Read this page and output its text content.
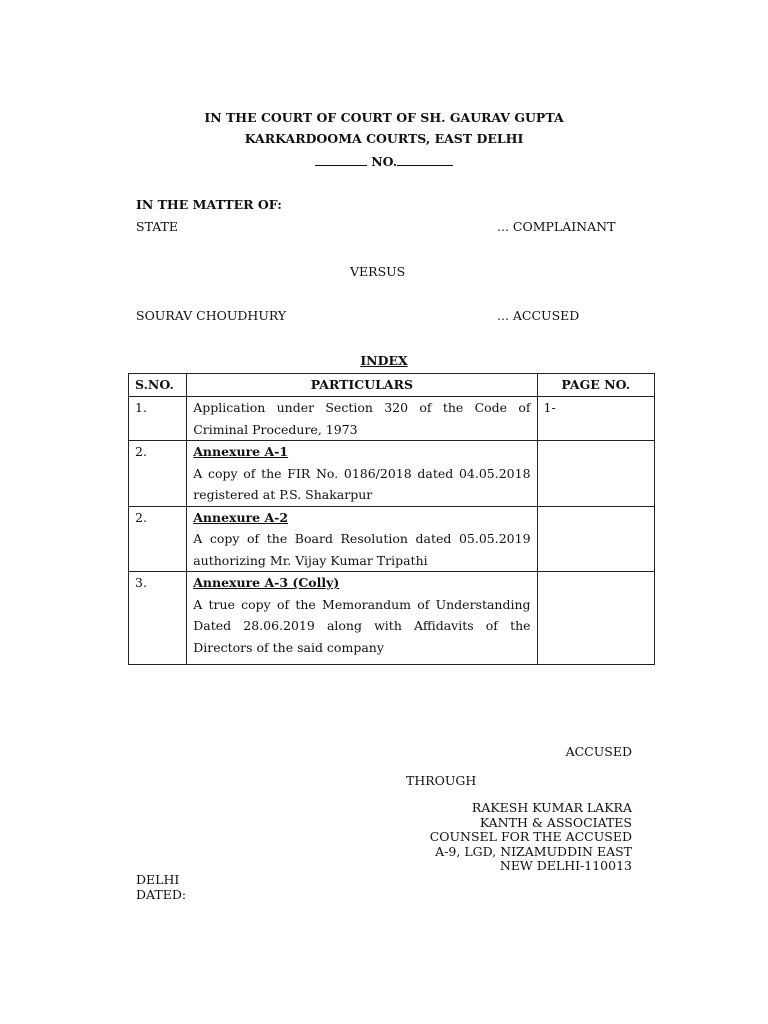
IN THE COURT OF COURT OF SH. GAURAV GUPTA
KARKARDOOMA COURTS, EAST DELHI
NO.
IN THE MATTER OF:
STATE	... COMPLAINANT
VERSUS
SOURAV CHOUDHURY	... ACCUSED
INDEX
S.NO.	PARTICULARS	PAGE NO.
1.	Application under Section 320 of the Code of Criminal Procedure, 1973	1-
2.	Annexure A-1
A copy of the FIR No. 0186/2018 dated 04.05.2018 registered at P.S. Shakarpur	

2.	Annexure A-2
A copy of the Board Resolution dated 05.05.2019 authorizing Mr. Vijay Kumar Tripathi	

3.	Annexure A-3 (Colly)
A true copy of the Memorandum of Understanding Dated 28.06.2019 along with Affidavits of the Directors of the said company	

ACCUSED
THROUGH
RAKESH KUMAR LAKRA
KANTH & ASSOCIATES
COUNSEL FOR THE ACCUSED
A-9, LGD, NIZAMUDDIN EAST
NEW DELHI-110013
DELHI
DATED:
